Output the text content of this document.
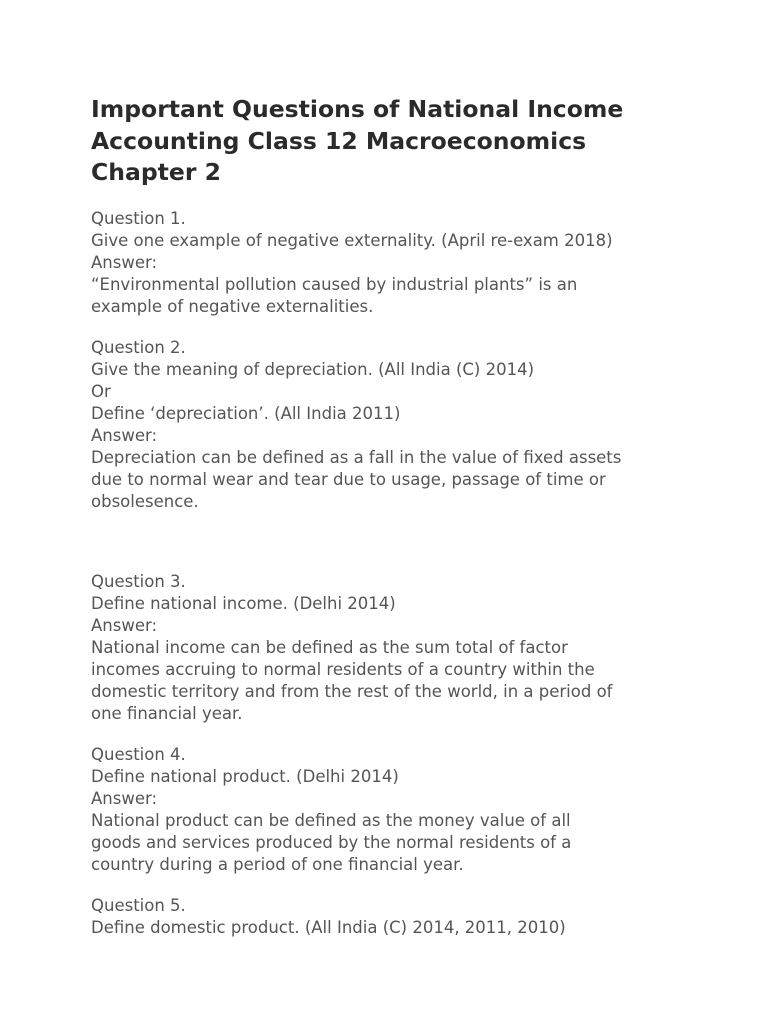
Important Questions of National Income Accounting Class 12 Macroeconomics Chapter 2
Question 1.
Give one example of negative externality. (April re-exam 2018)
Answer:
“Environmental pollution caused by industrial plants” is an
example of negative externalities.
Question 2.
Give the meaning of depreciation. (All India (C) 2014)
Or
Define ‘depreciation’. (All India 2011)
Answer:
Depreciation can be defined as a fall in the value of fixed assets
due to normal wear and tear due to usage, passage of time or
obsolesence.
Question 3.
Define national income. (Delhi 2014)
Answer:
National income can be defined as the sum total of factor
incomes accruing to normal residents of a country within the
domestic territory and from the rest of the world, in a period of
one financial year.
Question 4.
Define national product. (Delhi 2014)
Answer:
National product can be defined as the money value of all
goods and services produced by the normal residents of a
country during a period of one financial year.
Question 5.
Define domestic product. (All India (C) 2014, 2011, 2010)
